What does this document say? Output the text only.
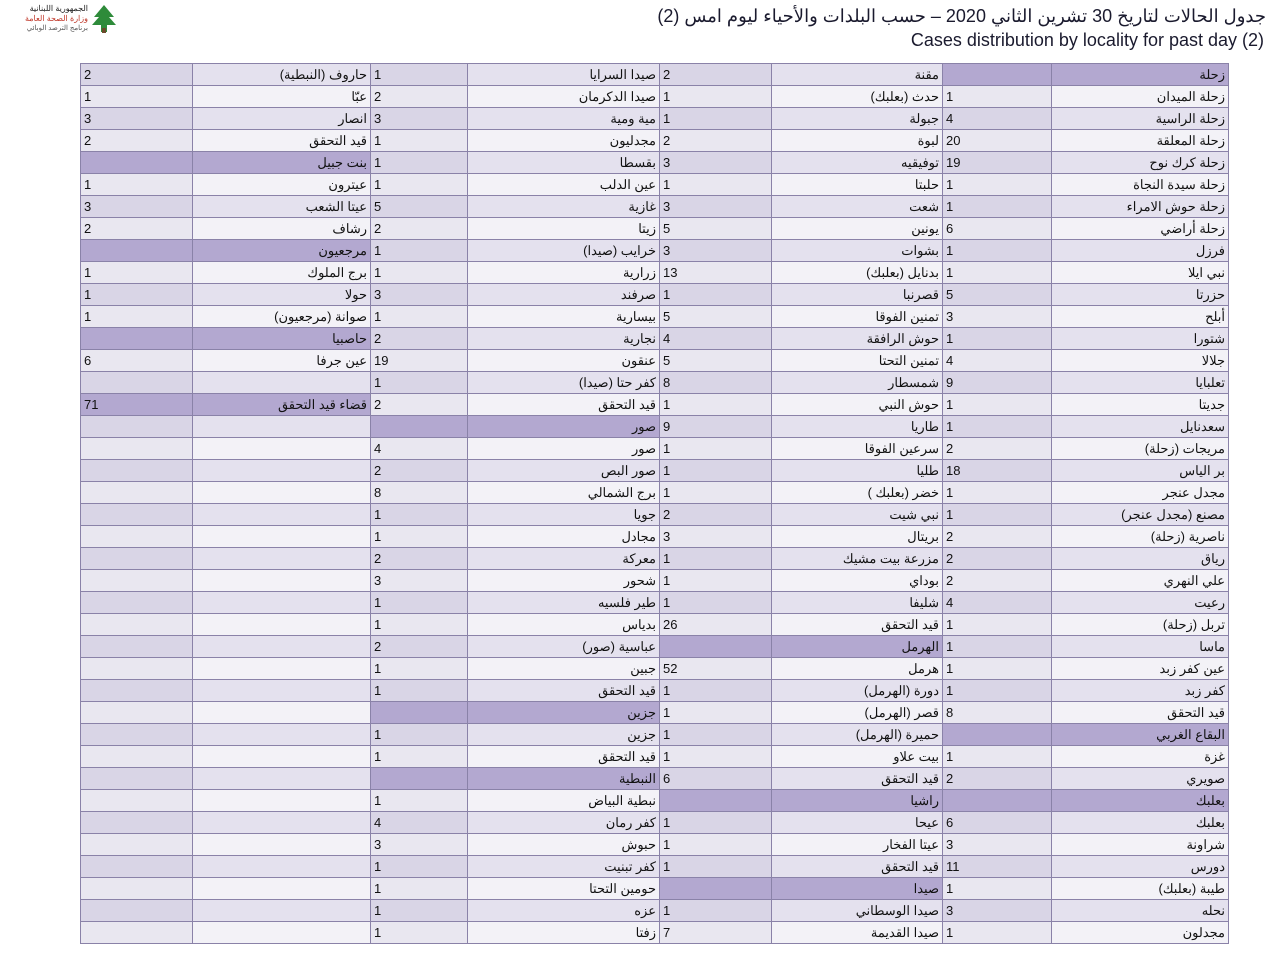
الجمهورية اللبنانية
وزارة الصحة العامة
برنامج الترصد الوبائي
جدول الحالات لتاريخ 30 تشرين الثاني 2020 – حسب البلدات والأحياء ليوم امس (2)
Cases distribution by locality for past day (2)
2	حاروف (النبطية)	1	صيدا السرايا	2	مقنة		زحلة
1	عبّا	2	صيدا الدكرمان	1	حدث (بعلبك)	1	زحلة الميدان
3	انصار	3	مية ومية	1	جبولة	4	زحلة الراسية
2	قيد التحقق	1	مجدليون	2	لبوة	20	زحلة المعلقة
	بنت جبيل	1	بقسطا	3	توفيقيه	19	زحلة كرك نوح
1	عيترون	1	عين الدلب	1	حلبتا	1	زحلة سيدة النجاة
3	عيتا الشعب	5	غازية	3	شعت	1	زحلة حوش الامراء
2	رشاف	2	زيتا	5	يونين	6	زحلة أراضي
	مرجعيون	1	خرايب (صيدا)	3	بشوات	1	فرزل
1	برج الملوك	1	زرارية	13	بدنايل (بعلبك)	1	نبي ايلا
1	حولا	3	صرفند	1	قصرنبا	5	حزرتا
1	صوانة (مرجعيون)	1	بيسارية	5	تمنين الفوقا	3	أبلح
	حاصبيا	2	نجارية	4	حوش الرافقة	1	شتورا
6	عين جرفا	19	عنقون	5	تمنين التحتا	4	جلالا
		1	كفر حتا (صيدا)	8	شمسطار	9	تعلبايا
71	قضاء قيد التحقق	2	قيد التحقق	1	حوش النبي	1	جديتا
			صور	9	طاريا	1	سعدنايل
		4	صور	1	سرعين الفوقا	2	مريجات (زحلة)
		2	صور البص	1	طليا	18	بر الياس
		8	برج الشمالي	1	خضر (بعلبك )	1	مجدل عنجر
		1	جويا	2	نبي شيت	1	مصنع (مجدل عنجر)
		1	مجادل	3	بريتال	2	ناصرية (زحلة)
		2	معركة	1	مزرعة بيت مشيك	2	رياق
		3	شحور	1	بوداي	2	علي النهري
		1	طير فلسيه	1	شليفا	4	رعيت
		1	بدياس	26	قيد التحقق	1	تربل (زحلة)
		2	عباسية (صور)		الهرمل	1	ماسا
		1	جبين	52	هرمل	1	عين كفر زبد
		1	قيد التحقق	1	دورة (الهرمل)	1	كفر زبد
			جزين	1	قصر (الهرمل)	8	قيد التحقق
		1	جزين	1	حميرة (الهرمل)		البقاع الغربي
		1	قيد التحقق	1	بيت علاو	1	غزة
			النبطية	6	قيد التحقق	2	صويري
		1	نبطية البياض		راشيا		بعلبك
		4	كفر رمان	1	عيحا	6	بعلبك
		3	حبوش	1	عيتا الفخار	3	شراونة
		1	كفر تبنيت	1	قيد التحقق	11	دورس
		1	حومين التحتا		صيدا	1	طيبة (بعلبك)
		1	عزه	1	صيدا الوسطاني	3	نحله
		1	زفتا	7	صيدا القديمة	1	مجدلون
